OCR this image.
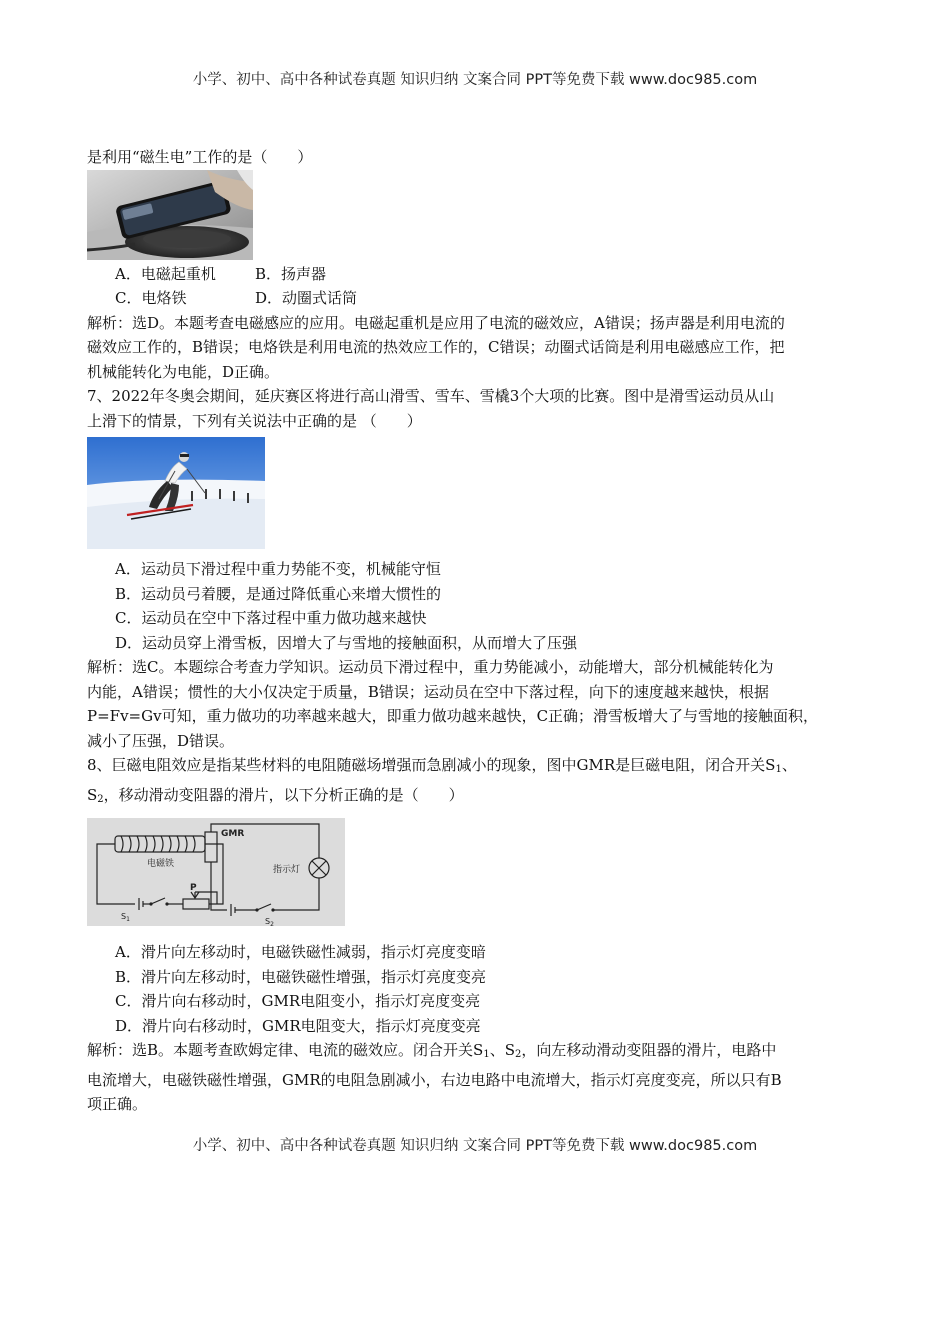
小学、初中、高中各种试卷真题 知识归纳 文案合同 PPT等免费下载 www.doc985.com
是利用“磁生电”工作的是（　　）
A．电磁起重机	B．扬声器
C．电烙铁	D．动圈式话筒
解析：选D。本题考查电磁感应的应用。电磁起重机是应用了电流的磁效应，A错误；扬声器是利用电流的
磁效应工作的，B错误；电烙铁是利用电流的热效应工作的，C错误；动圈式话筒是利用电磁感应工作，把
机械能转化为电能，D正确。
7、2022年冬奥会期间，延庆赛区将进行高山滑雪、雪车、雪橇3个大项的比赛。图中是滑雪运动员从山
上滑下的情景，下列有关说法中正确的是 （　　）
A．运动员下滑过程中重力势能不变，机械能守恒
B．运动员弓着腰，是通过降低重心来增大惯性的
C．运动员在空中下落过程中重力做功越来越快
D．运动员穿上滑雪板，因增大了与雪地的接触面积，从而增大了压强
解析：选C。本题综合考查力学知识。运动员下滑过程中，重力势能减小，动能增大，部分机械能转化为
内能，A错误；惯性的大小仅决定于质量，B错误；运动员在空中下落过程，向下的速度越来越快，根据
P=Fv=Gv可知，重力做功的功率越来越大，即重力做功越来越快，C正确；滑雪板增大了与雪地的接触面积，
减小了压强，D错误。
8、巨磁电阻效应是指某些材料的电阻随磁场增强而急剧减小的现象，图中GMR是巨磁电阻，闭合开关$S_1$、
$S_2$，移动滑动变阻器的滑片，以下分析正确的是（　　）
电磁铁
GMR
指示灯
P
$S_1$	$S_2$
A．滑片向左移动时，电磁铁磁性减弱，指示灯亮度变暗
B．滑片向左移动时，电磁铁磁性增强，指示灯亮度变亮
C．滑片向右移动时，GMR电阻变小，指示灯亮度变亮
D．滑片向右移动时，GMR电阻变大，指示灯亮度变亮
解析：选B。本题考查欧姆定律、电流的磁效应。闭合开关$S_1$、$S_2$，向左移动滑动变阻器的滑片，电路中
电流增大，电磁铁磁性增强，GMR的电阻急剧减小，右边电路中电流增大，指示灯亮度变亮，所以只有B
项正确。
小学、初中、高中各种试卷真题 知识归纳 文案合同 PPT等免费下载 www.doc985.com
